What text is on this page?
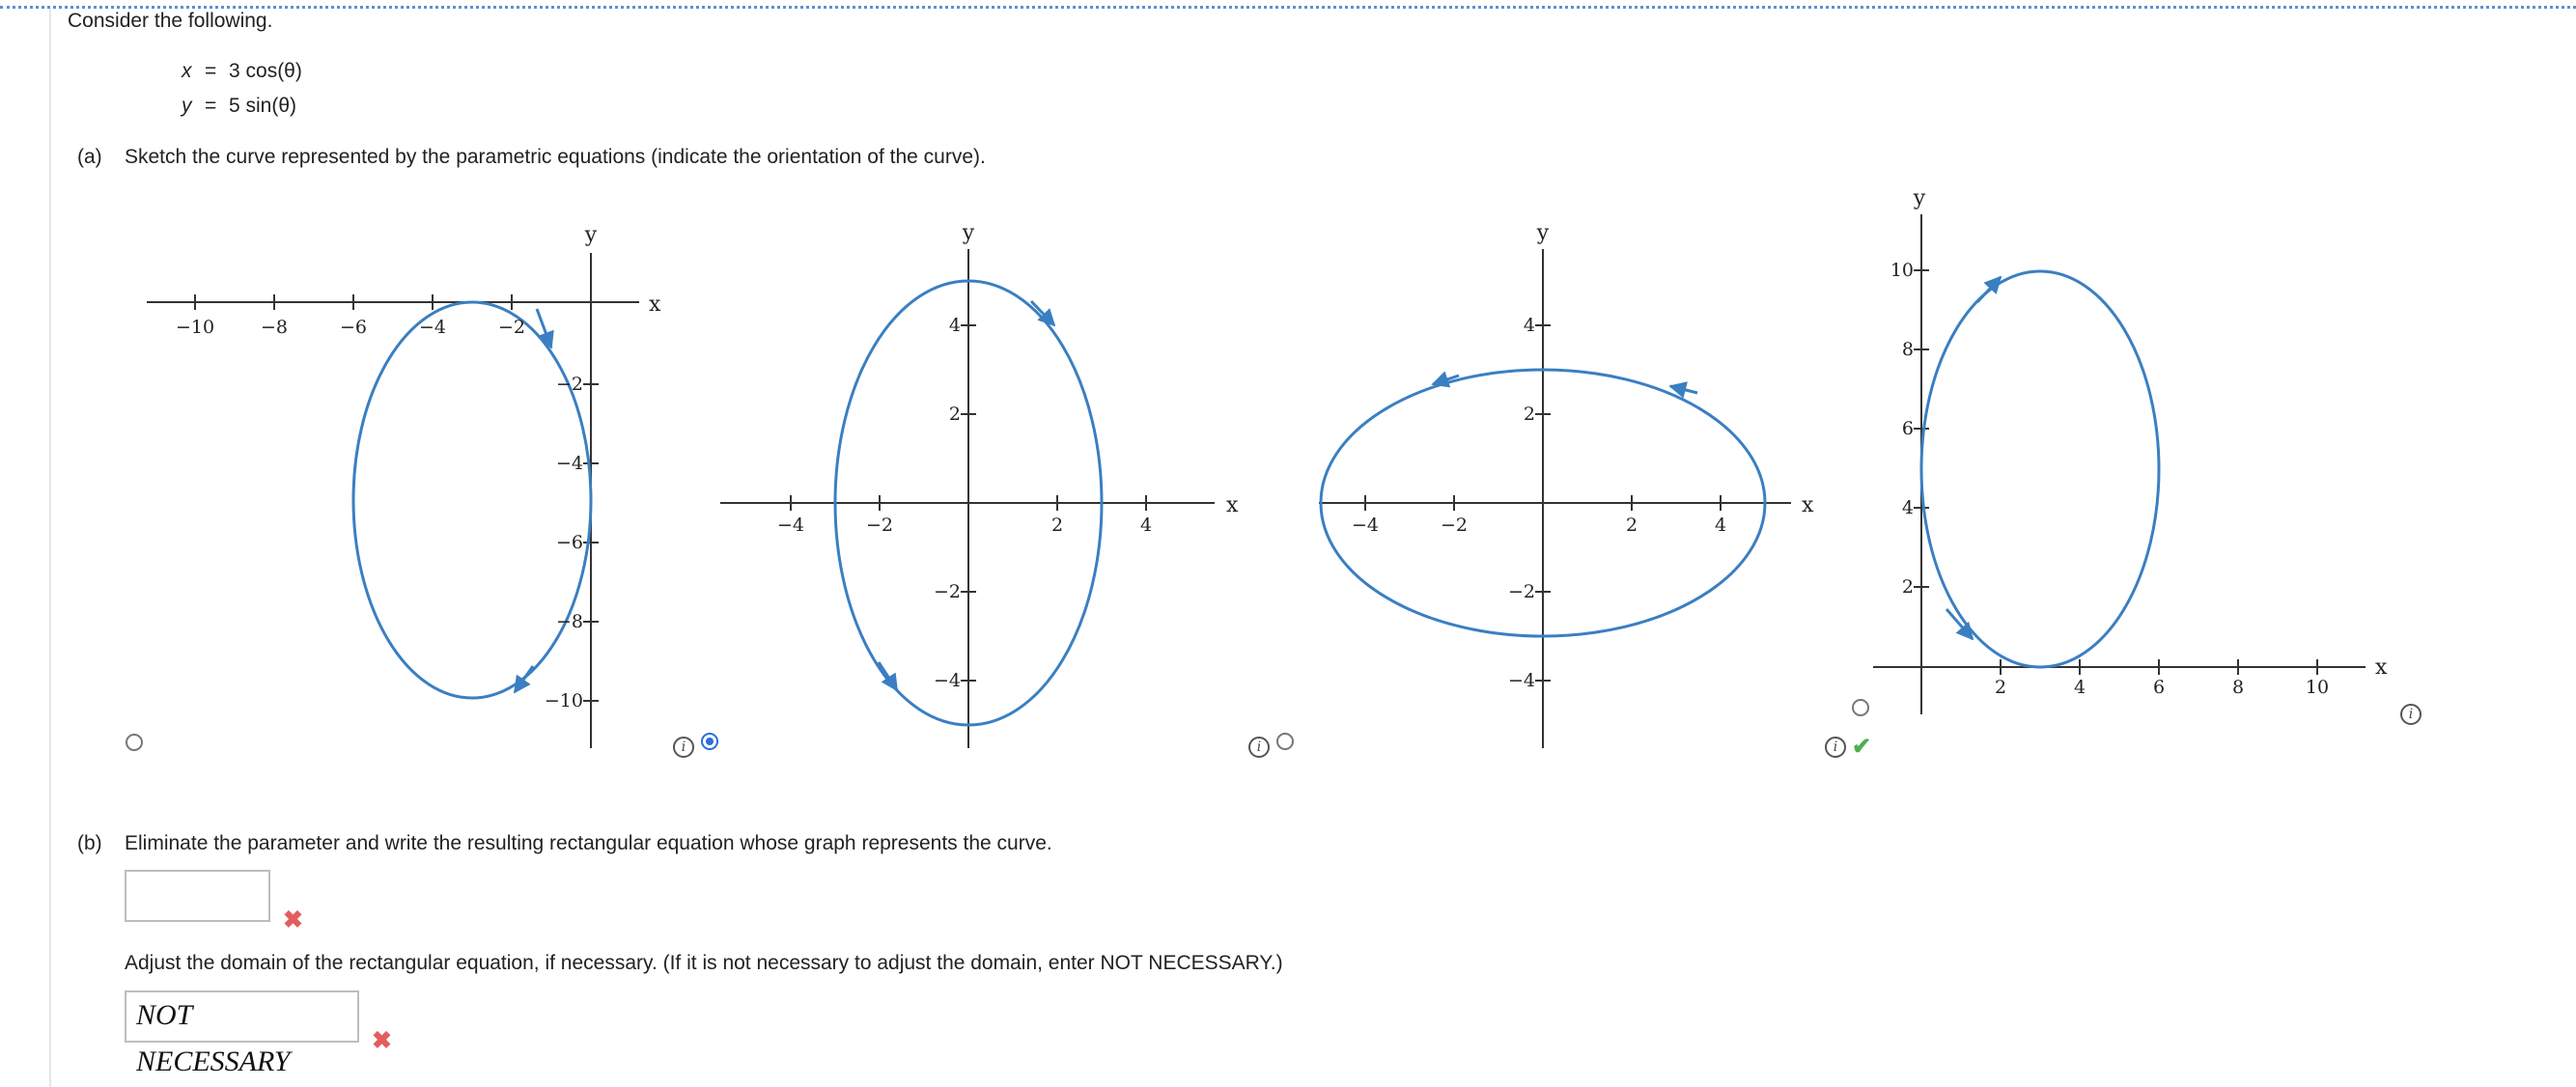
Consider the following.
x = 3 cos(θ)
y = 5 sin(θ)
(a) Sketch the curve represented by the parametric equations (indicate the orientation of the curve).
−10	−8	−6	−4	−2
−2
−4
−6
−8
−10
x
y
−4	−2	2	4
4
2
−2
−4
x
y
−4	−2	2	4
4
2
−2
−4
x
y
2	4	6	8	10
10
8
6
4
2
x
y
i	i	i ✔
i
(b) Eliminate the parameter and write the resulting rectangular equation whose graph represents the curve.
✖
Adjust the domain of the rectangular equation, if necessary. (If it is not necessary to adjust the domain, enter NOT NECESSARY.)
NOT NECESSARY
✖
